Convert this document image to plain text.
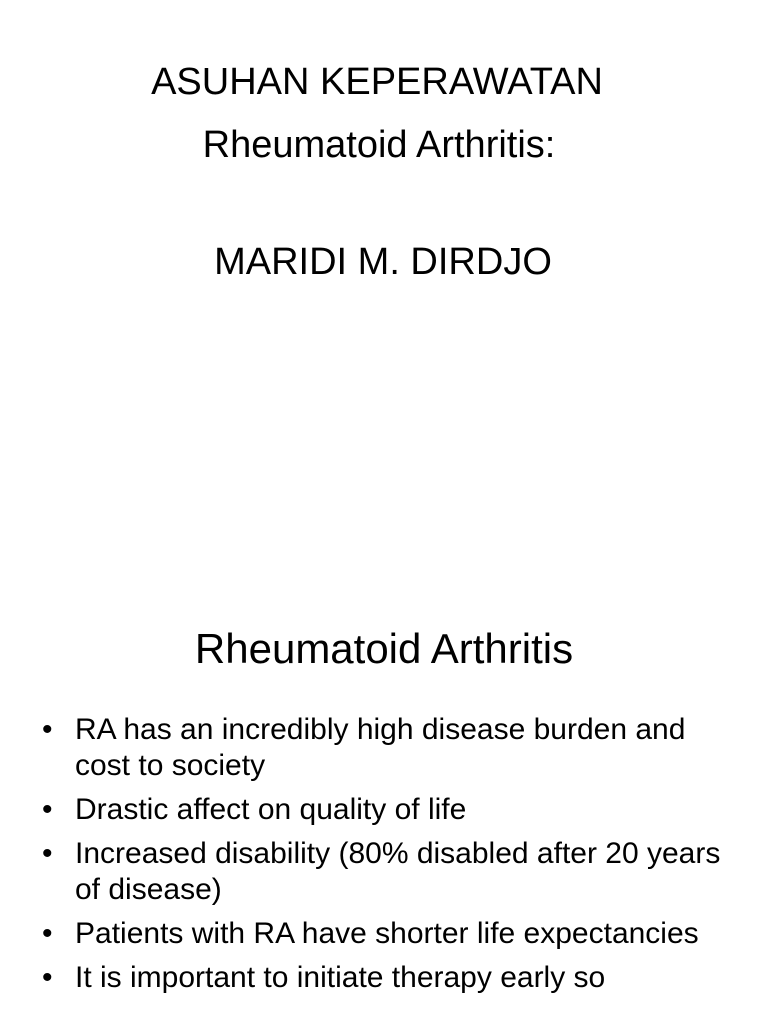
ASUHAN KEPERAWATAN
Rheumatoid Arthritis:
MARIDI M. DIRDJO
Rheumatoid Arthritis
• RA has an incredibly high disease burden and cost to society
• Drastic affect on quality of life
• Increased disability (80% disabled after 20 years of disease)
• Patients with RA have shorter life expectancies
• It is important to initiate therapy early so
